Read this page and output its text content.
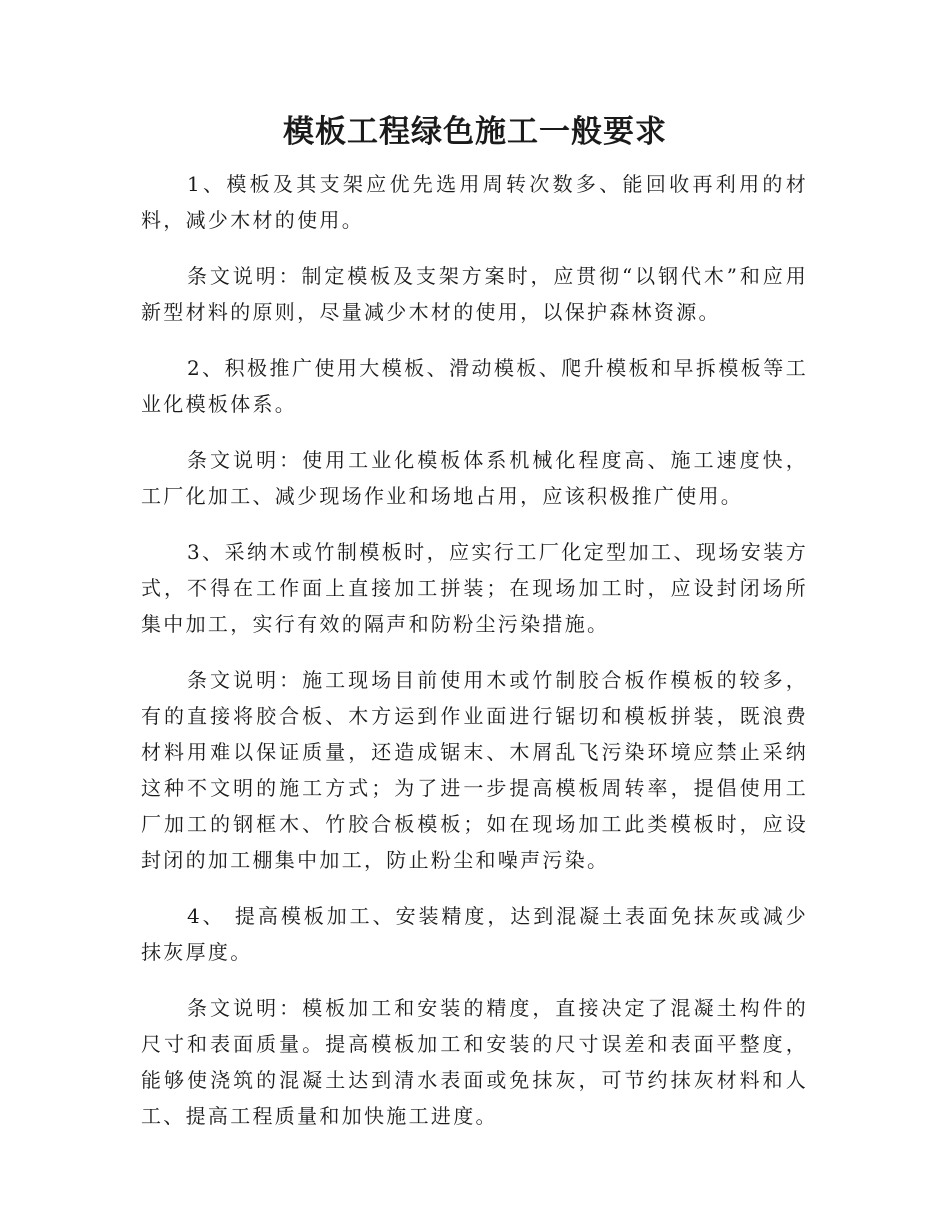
模板工程绿色施工一般要求

1、模板及其支架应优先选用周转次数多、能回收再利用的材料，减少木材的使用。

条文说明：制定模板及支架方案时，应贯彻“以钢代木”和应用新型材料的原则，尽量减少木材的使用，以保护森林资源。

2、积极推广使用大模板、滑动模板、爬升模板和早拆模板等工业化模板体系。

条文说明：使用工业化模板体系机械化程度高、施工速度快，工厂化加工、减少现场作业和场地占用，应该积极推广使用。

3、采纳木或竹制模板时，应实行工厂化定型加工、现场安装方式，不得在工作面上直接加工拼装；在现场加工时，应设封闭场所集中加工，实行有效的隔声和防粉尘污染措施。

条文说明：施工现场目前使用木或竹制胶合板作模板的较多，有的直接将胶合板、木方运到作业面进行锯切和模板拼装，既浪费材料用难以保证质量，还造成锯末、木屑乱飞污染环境应禁止采纳这种不文明的施工方式；为了进一步提高模板周转率，提倡使用工厂加工的钢框木、竹胶合板模板；如在现场加工此类模板时，应设封闭的加工棚集中加工，防止粉尘和噪声污染。

4、 提高模板加工、安装精度，达到混凝土表面免抹灰或减少抹灰厚度。

条文说明：模板加工和安装的精度，直接决定了混凝土构件的尺寸和表面质量。提高模板加工和安装的尺寸误差和表面平整度，能够使浇筑的混凝土达到清水表面或免抹灰，可节约抹灰材料和人工、提高工程质量和加快施工进度。
